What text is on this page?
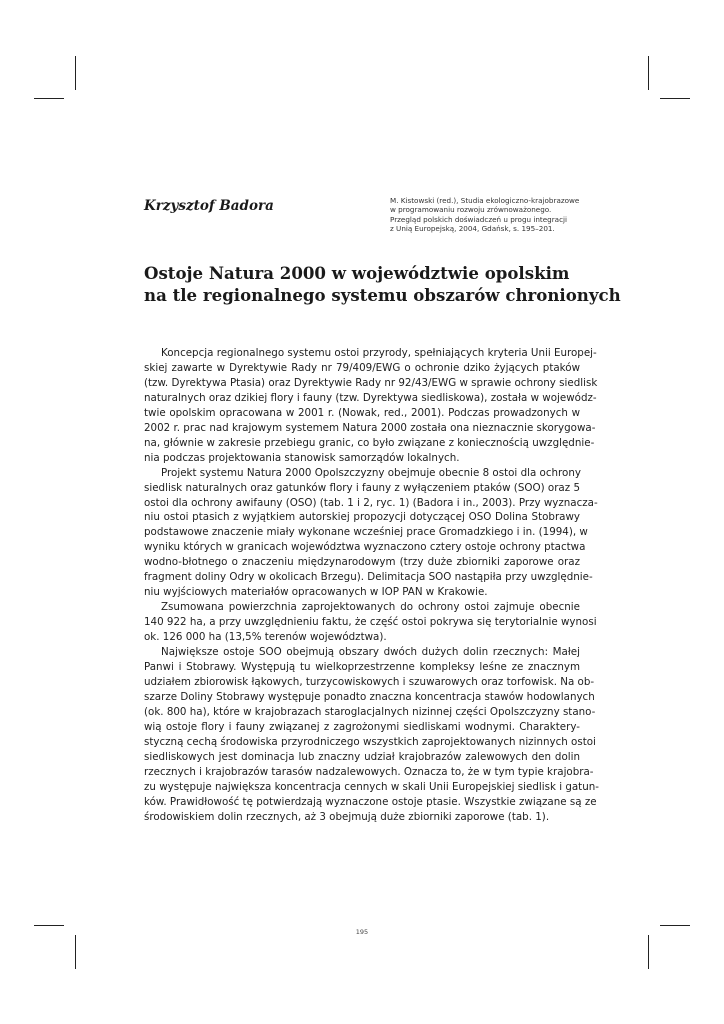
Krzysztof Badora	M. Kistowski (red.), Studia ekologiczno-krajobrazowe
w programowaniu rozwoju zrównoważonego.
Przegląd polskich doświadczeń u progu integracji
z Unią Europejską, 2004, Gdańsk, s. 195–201.
Ostoje Natura 2000 w województwie opolskim
na tle regionalnego systemu obszarów chronionych

Koncepcja regionalnego systemu ostoi przyrody, spełniających kryteria Unii Europej-
skiej zawarte w Dyrektywie Rady nr 79/409/EWG o ochronie dziko żyjących ptaków
(tzw. Dyrektywa Ptasia) oraz Dyrektywie Rady nr 92/43/EWG w sprawie ochrony siedlisk
naturalnych oraz dzikiej flory i fauny (tzw. Dyrektywa siedliskowa), została w wojewódz-
twie opolskim opracowana w 2001 r. (Nowak, red., 2001). Podczas prowadzonych w
2002 r. prac nad krajowym systemem Natura 2000 została ona nieznacznie skorygowa-
na, głównie w zakresie przebiegu granic, co było związane z koniecznością uwzględnie-
nia podczas projektowania stanowisk samorządów lokalnych.

Projekt systemu Natura 2000 Opolszczyzny obejmuje obecnie 8 ostoi dla ochrony
siedlisk naturalnych oraz gatunków flory i fauny z wyłączeniem ptaków (SOO) oraz 5
ostoi dla ochrony awifauny (OSO) (tab. 1 i 2, ryc. 1) (Badora i in., 2003). Przy wyznacza-
niu ostoi ptasich z wyjątkiem autorskiej propozycji dotyczącej OSO Dolina Stobrawy
podstawowe znaczenie miały wykonane wcześniej prace Gromadzkiego i in. (1994), w
wyniku których w granicach województwa wyznaczono cztery ostoje ochrony ptactwa
wodno-błotnego o znaczeniu międzynarodowym (trzy duże zbiorniki zaporowe oraz
fragment doliny Odry w okolicach Brzegu). Delimitacja SOO nastąpiła przy uwzględnie-
niu wyjściowych materiałów opracowanych w IOP PAN w Krakowie.

Zsumowana powierzchnia zaprojektowanych do ochrony ostoi zajmuje obecnie
140 922 ha, a przy uwzględnieniu faktu, że część ostoi pokrywa się terytorialnie wynosi
ok. 126 000 ha (13,5% terenów województwa).

Największe ostoje SOO obejmują obszary dwóch dużych dolin rzecznych: Małej
Panwi i Stobrawy. Występują tu wielkoprzestrzenne kompleksy leśne ze znacznym
udziałem zbiorowisk łąkowych, turzycowiskowych i szuwarowych oraz torfowisk. Na ob-
szarze Doliny Stobrawy występuje ponadto znaczna koncentracja stawów hodowlanych
(ok. 800 ha), które w krajobrazach staroglacjalnych nizinnej części Opolszczyzny stano-
wią ostoje flory i fauny związanej z zagrożonymi siedliskami wodnymi. Charaktery-
styczną cechą środowiska przyrodniczego wszystkich zaprojektowanych nizinnych ostoi
siedliskowych jest dominacja lub znaczny udział krajobrazów zalewowych den dolin
rzecznych i krajobrazów tarasów nadzalewowych. Oznacza to, że w tym typie krajobra-
zu występuje największa koncentracja cennych w skali Unii Europejskiej siedlisk i gatun-
ków. Prawidłowość tę potwierdzają wyznaczone ostoje ptasie. Wszystkie związane są ze
środowiskiem dolin rzecznych, aż 3 obejmują duże zbiorniki zaporowe (tab. 1).

195
